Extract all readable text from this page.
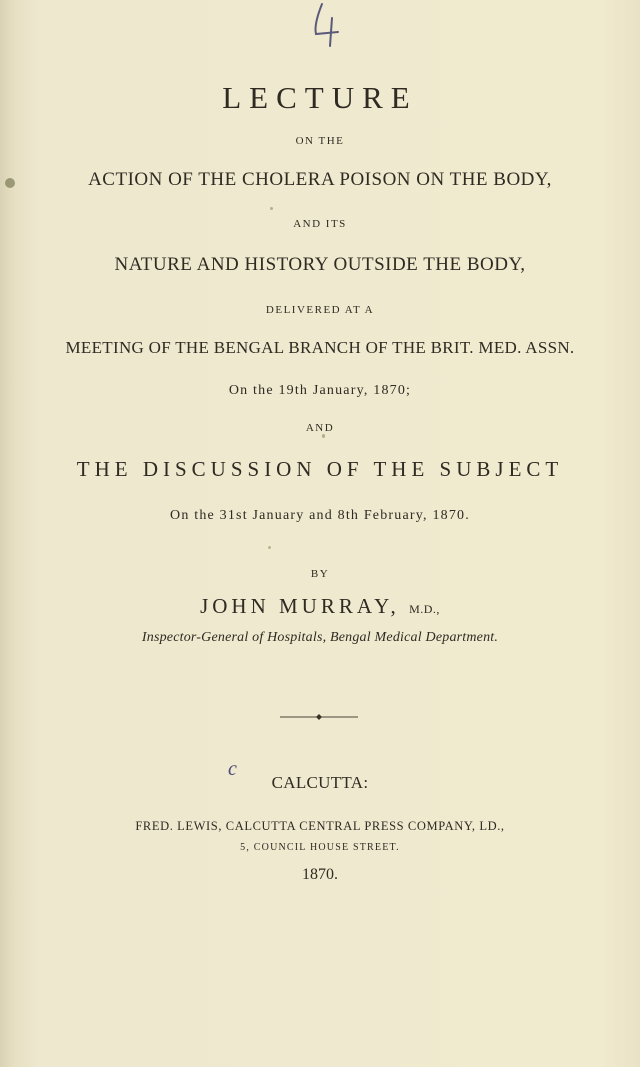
LECTURE
ON THE
ACTION OF THE CHOLERA POISON ON THE BODY,
AND ITS
NATURE AND HISTORY OUTSIDE THE BODY,
DELIVERED AT A
MEETING OF THE BENGAL BRANCH OF THE BRIT. MED. ASSN.
On the 19th January, 1870;
AND
THE DISCUSSION OF THE SUBJECT
On the 31st January and 8th February, 1870.
BY
JOHN MURRAY, M.D.,
Inspector-General of Hospitals, Bengal Medical Department.
c
CALCUTTA:
FRED. LEWIS, CALCUTTA CENTRAL PRESS COMPANY, LD.,
5, COUNCIL HOUSE STREET.
1870.
